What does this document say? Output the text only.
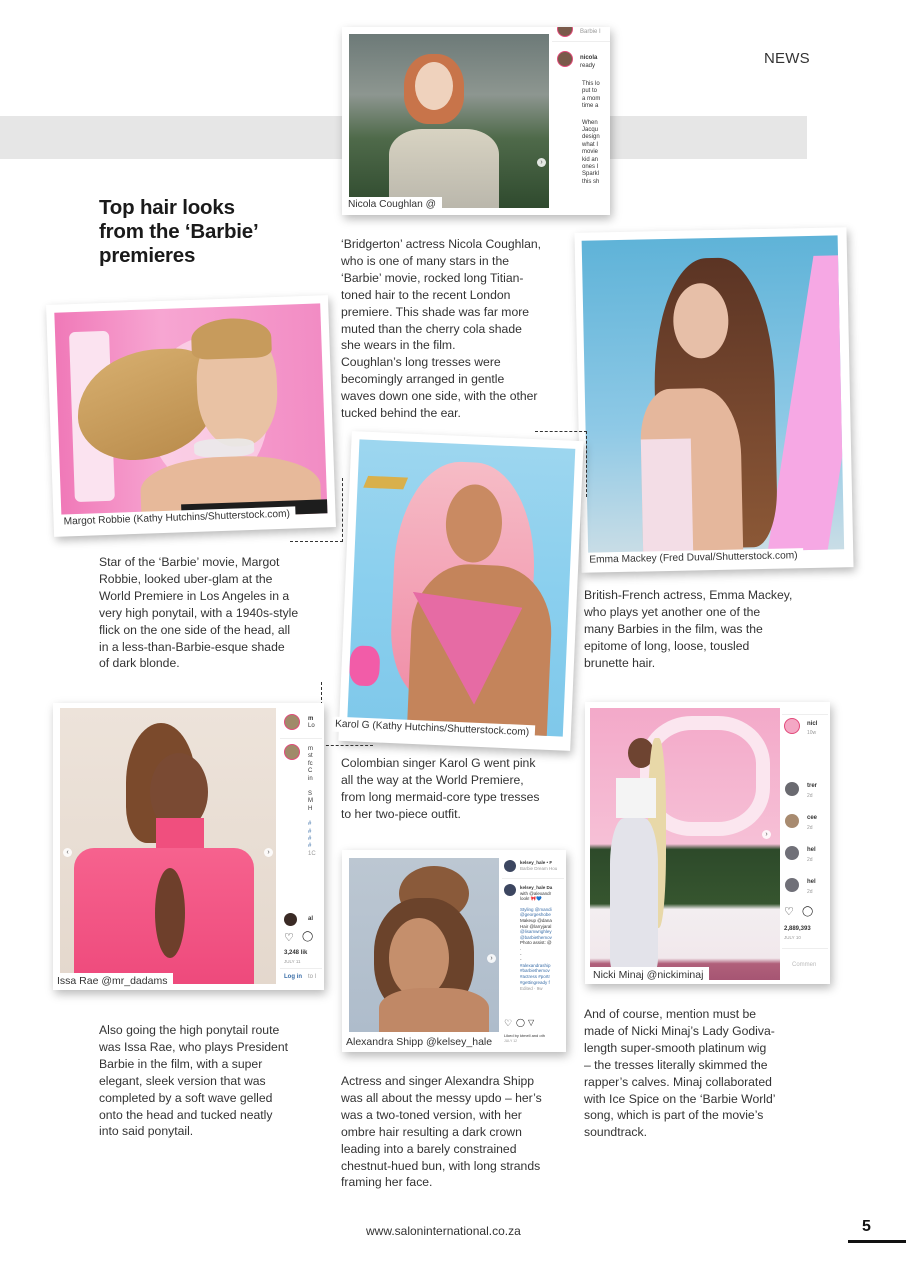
NEWS
›
Nicola Coughlan @
Barbie I
nicola
ready
This lo
put to
a mom
time a
When
Jacqu
design
what I
movie
kid an
ones I
Sparkl
this sh
Top hair looks
from the ‘Barbie’
premieres	‘Bridgerton’ actress Nicola Coughlan,
who is one of many stars in the
‘Barbie’ movie, rocked long Titian-
toned hair to the recent London
premiere. This shade was far more
muted than the cherry cola shade
she wears in the film.
Coughlan’s long tresses were
becomingly arranged in gentle
waves down one side, with the other
tucked behind the ear.
Margot Robbie (Kathy Hutchins/Shutterstock.com)
Star of the ‘Barbie’ movie, Margot
Robbie, looked uber-glam at the
World Premiere in Los Angeles in a
very high ponytail, with a 1940s-style
flick on the one side of the head, all
in a less-than-Barbie-esque shade
of dark blonde.
Emma Mackey (Fred Duval/Shutterstock.com)
British-French actress, Emma Mackey,
who plays yet another one of the
many Barbies in the film, was the
epitome of long, loose, tousled
brunette hair.
Karol G (Kathy Hutchins/Shutterstock.com)
Colombian singer Karol G went pink
all the way at the World Premiere,
from long mermaid-core type tresses
to her two-piece outfit.
‹	›
Issa Rae @mr_dadams
m
Lo
m
st
fc
C
in
S
M
H
#
#
#
#
1C
al
♡ ◯
3,248 lik
JULY 11
Log in to l
Also going the high ponytail route
was Issa Rae, who plays President
Barbie in the film, with a super
elegant, sleek version that was
completed by a soft wave gelled
onto the head and tucked neatly
into said ponytail.
›
Alexandra Shipp @kelsey_hale
kelsey_hale • F
Barbie Dream Hou
kelsey_hale Da
with @alexandr
look! 🎀💙
Styling @mandi
@georgeshobe
Makeup @dana
Hair @larryjaral
@lisamwrighley
@barbiethemov
Photo assist: @
.
-
-
#alexandraship
#barbiethemov
#actress #portr
#gettingready f
Edited · 9w
♡ ◯ ▽
Liked by ktmell and oth
JULY 12
Actress and singer Alexandra Shipp
was all about the messy updo – her’s
was a two-toned version, with her
ombre hair resulting a dark crown
leading into a barely constrained
chestnut-hued bun, with long strands
framing her face.
›
Nicki Minaj @nickiminaj
nicl
10w
trer
2d
cee
2d
hel
2d
hel
2d
♡ ◯
2,889,393
JULY 10
Commen
And of course, mention must be
made of Nicki Minaj’s Lady Godiva-
length super-smooth platinum wig
– the tresses literally skimmed the
rapper’s calves. Minaj collaborated
with Ice Spice on the ‘Barbie World’
song, which is part of the movie’s
soundtrack.
www.saloninternational.co.za	5
